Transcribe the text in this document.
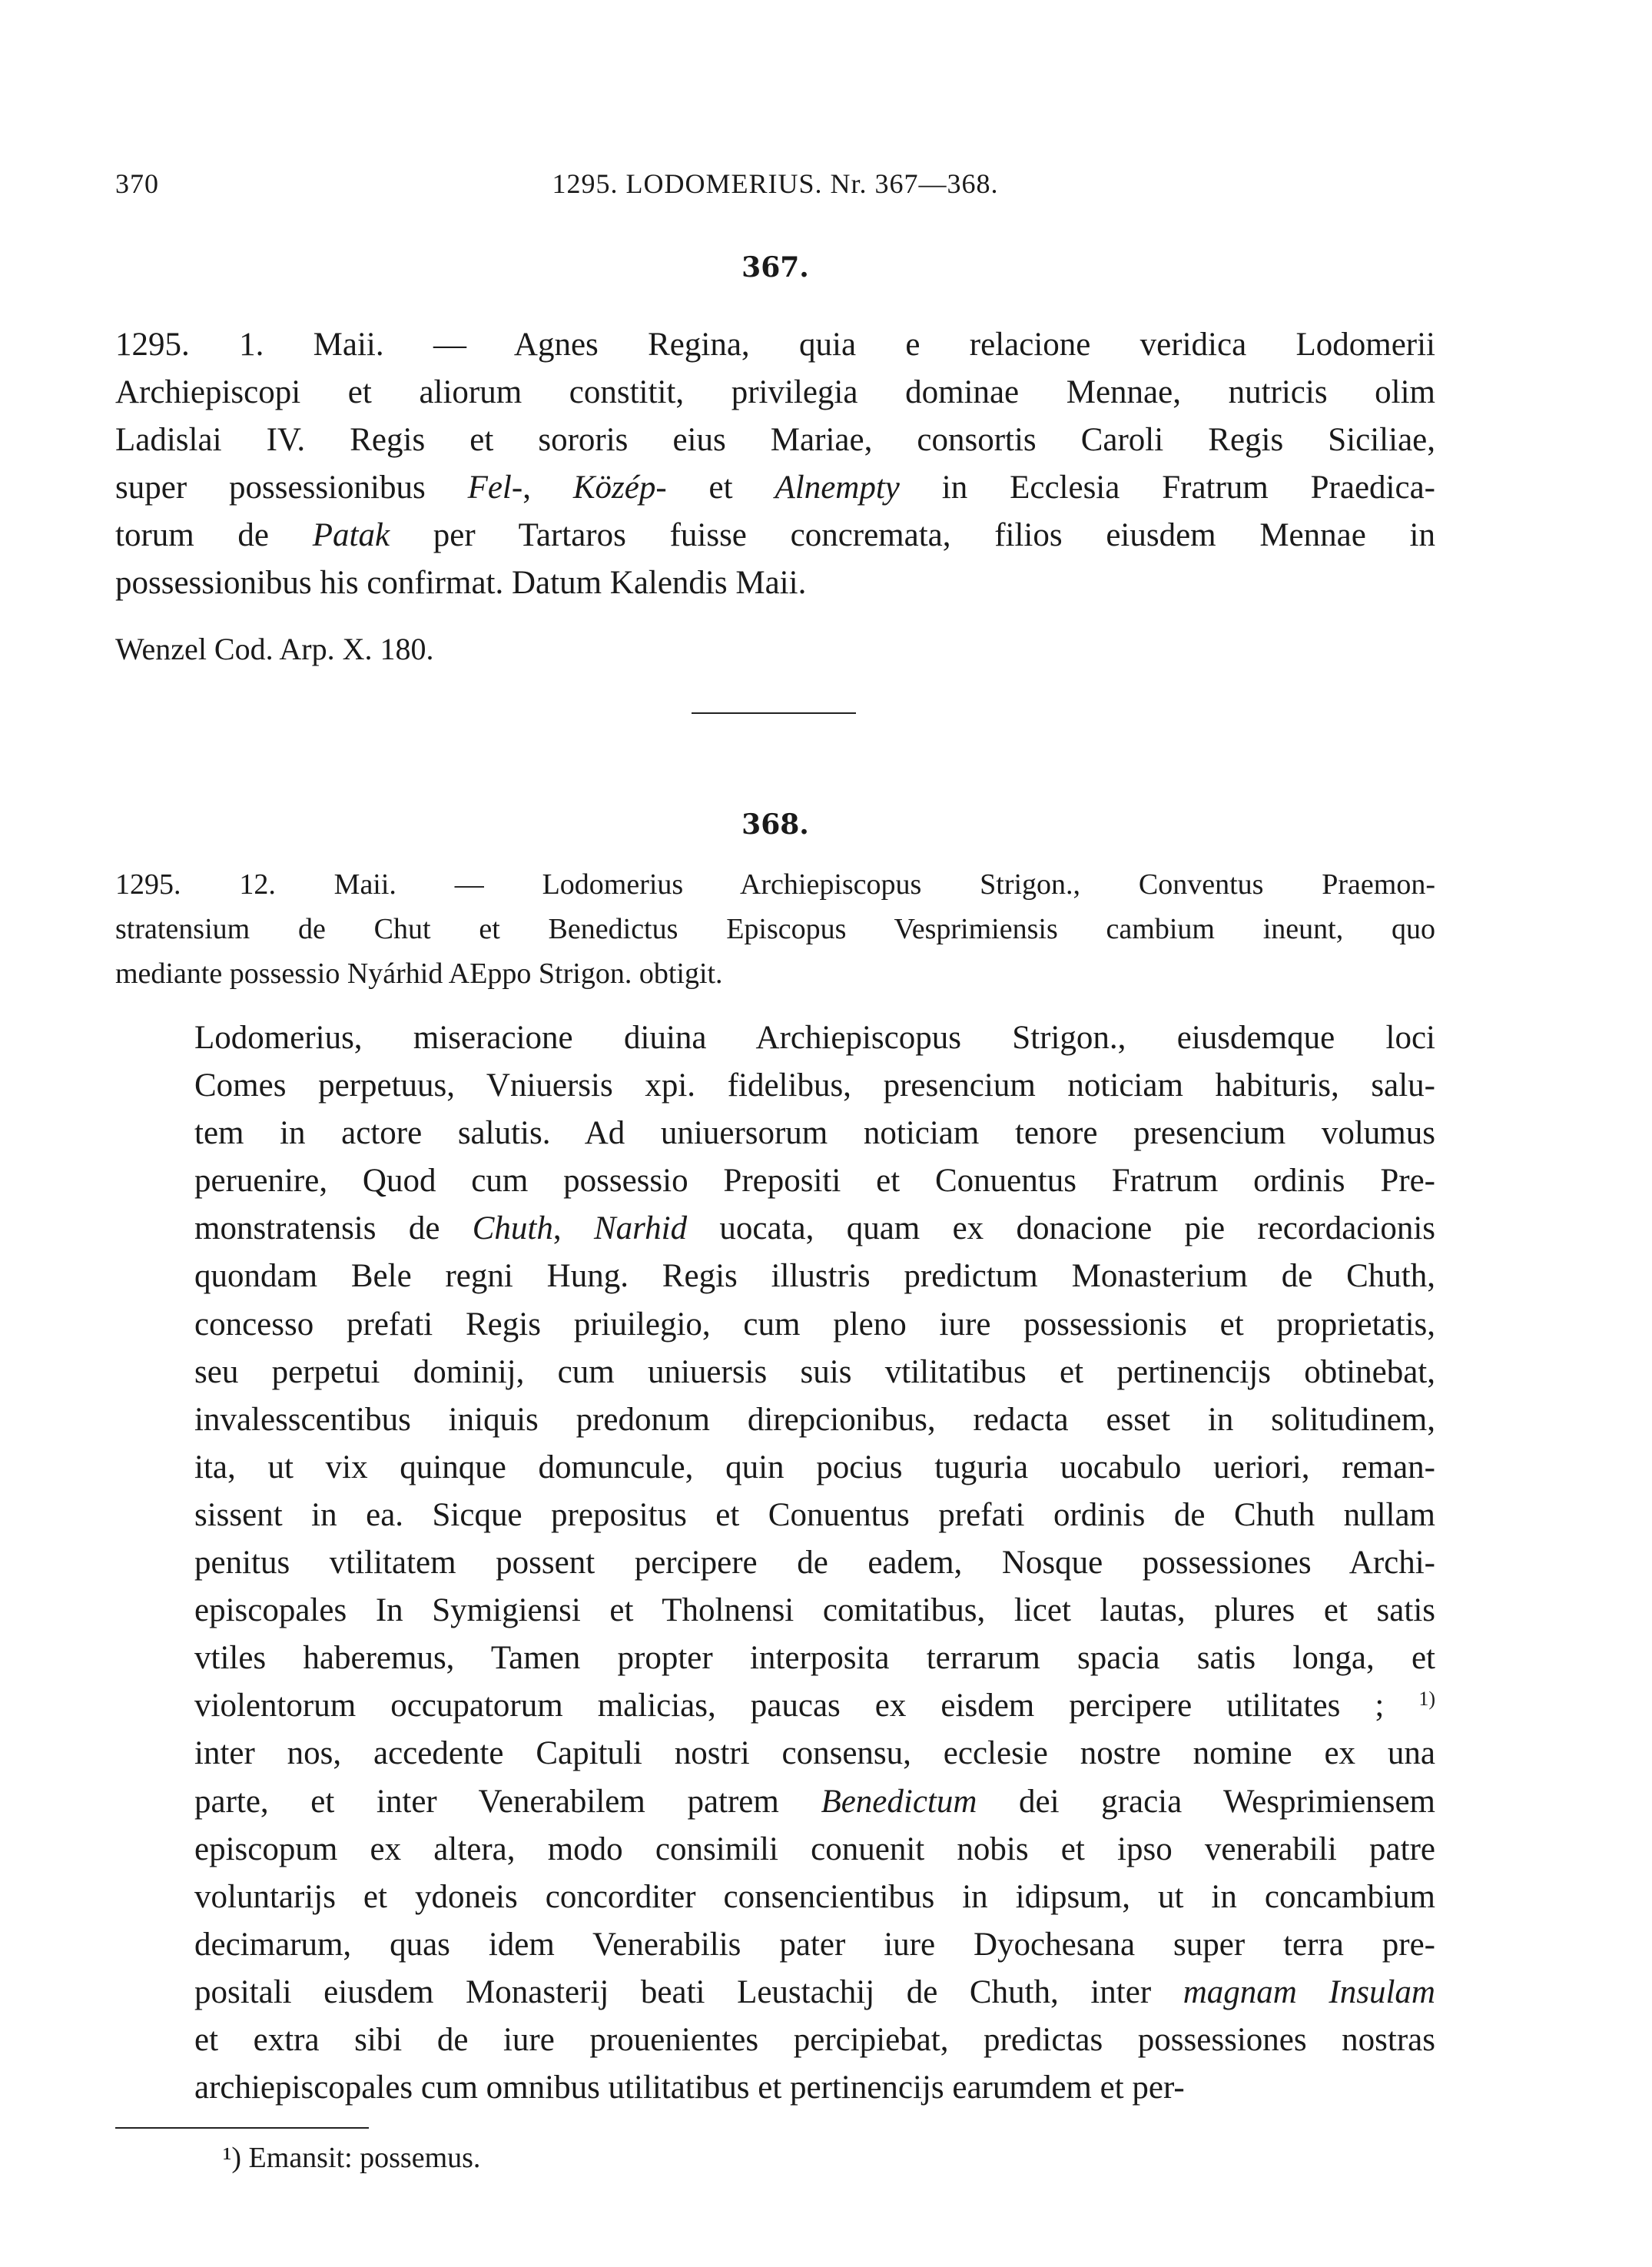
370	1295. LODOMERIUS. Nr. 367—368.
367.
1295. 1. Maii. — Agnes Regina, quia e relacione veridica Lodomerii
Archiepiscopi et aliorum constitit, privilegia dominae Mennae, nutricis olim
Ladislai IV. Regis et sororis eius Mariae, consortis Caroli Regis Siciliae,
super possessionibus Fel-, Közép- et Alnempty in Ecclesia Fratrum Praedica-
torum de Patak per Tartaros fuisse concremata, filios eiusdem Mennae in
possessionibus his confirmat. Datum Kalendis Maii.
Wenzel Cod. Arp. X. 180.
368.
1295. 12. Maii. — Lodomerius Archiepiscopus Strigon., Conventus Praemon-
stratensium de Chut et Benedictus Episcopus Vesprimiensis cambium ineunt, quo
mediante possessio Nyárhid AEppo Strigon. obtigit.
Lodomerius, miseracione diuina Archiepiscopus Strigon., eiusdemque loci
Comes perpetuus, Vniuersis xpi. fidelibus, presencium noticiam habituris, salu-
tem in actore salutis. Ad uniuersorum noticiam tenore presencium volumus
peruenire, Quod cum possessio Prepositi et Conuentus Fratrum ordinis Pre-
monstratensis de Chuth, Narhid uocata, quam ex donacione pie recordacionis
quondam Bele regni Hung. Regis illustris predictum Monasterium de Chuth,
concesso prefati Regis priuilegio, cum pleno iure possessionis et proprietatis,
seu perpetui dominij, cum uniuersis suis vtilitatibus et pertinencijs obtinebat,
invalesscentibus iniquis predonum direpcionibus, redacta esset in solitudinem,
ita, ut vix quinque domuncule, quin pocius tuguria uocabulo ueriori, reman-
sissent in ea. Sicque prepositus et Conuentus prefati ordinis de Chuth nullam
penitus vtilitatem possent percipere de eadem, Nosque possessiones Archi-
episcopales In Symigiensi et Tholnensi comitatibus, licet lautas, plures et satis
vtiles haberemus, Tamen propter interposita terrarum spacia satis longa, et
violentorum occupatorum malicias, paucas ex eisdem percipere utilitates ; $^{1)}$
inter nos, accedente Capituli nostri consensu, ecclesie nostre nomine ex una
parte, et inter Venerabilem patrem Benedictum dei gracia Wesprimiensem
episcopum ex altera, modo consimili conuenit nobis et ipso venerabili patre
voluntarijs et ydoneis concorditer consencientibus in idipsum, ut in concambium
decimarum, quas idem Venerabilis pater iure Dyochesana super terra pre-
positali eiusdem Monasterij beati Leustachij de Chuth, inter magnam Insulam
et extra sibi de iure prouenientes percipiebat, predictas possessiones nostras
archiepiscopales cum omnibus utilitatibus et pertinencijs earumdem et per-
¹) Emansit: possemus.
